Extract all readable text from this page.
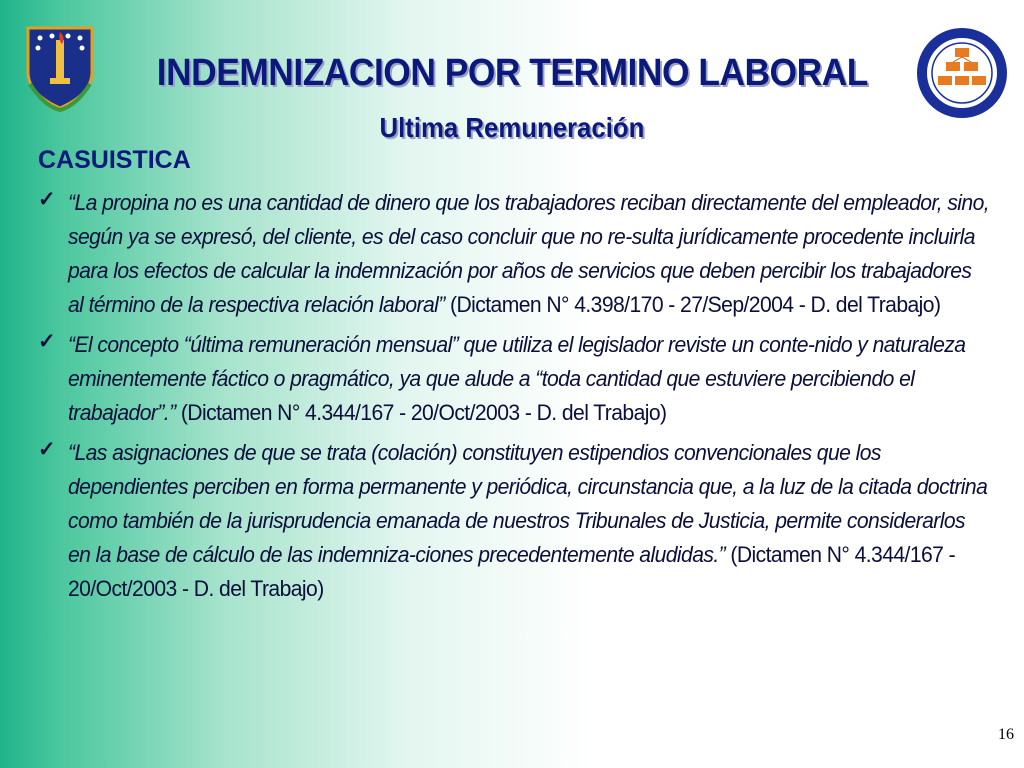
INDEMNIZACION POR TERMINO LABORAL
Ultima Remuneración
CASUISTICA
✓ “La propina no es una cantidad de dinero que los trabajadores reciban directamente del empleador, sino, según ya se expresó, del cliente, es del caso concluir que no re-sulta jurídicamente procedente incluirla para los efectos de calcular la indemnización por años de servicios que deben percibir los trabajadores al término de la respectiva relación laboral” (Dictamen N° 4.398/170 - 27/Sep/2004 - D. del Trabajo)
✓ “El concepto “última remuneración mensual” que utiliza el legislador reviste un conte-nido y naturaleza eminentemente fáctico o pragmático, ya que alude a “toda cantidad que estuviere percibiendo el trabajador”.” (Dictamen N° 4.344/167 - 20/Oct/2003 - D. del Trabajo)
✓ “Las asignaciones de que se trata (colación) constituyen estipendios convencionales que los dependientes perciben en forma permanente y periódica, circunstancia que, a la luz de la citada doctrina como también de la jurisprudencia emanada de nuestros Tribunales de Justicia, permite considerarlos en la base de cálculo de las indemniza-ciones precedentemente aludidas.” (Dictamen N° 4.344/167 - 20/Oct/2003 - D. del Trabajo)
16
